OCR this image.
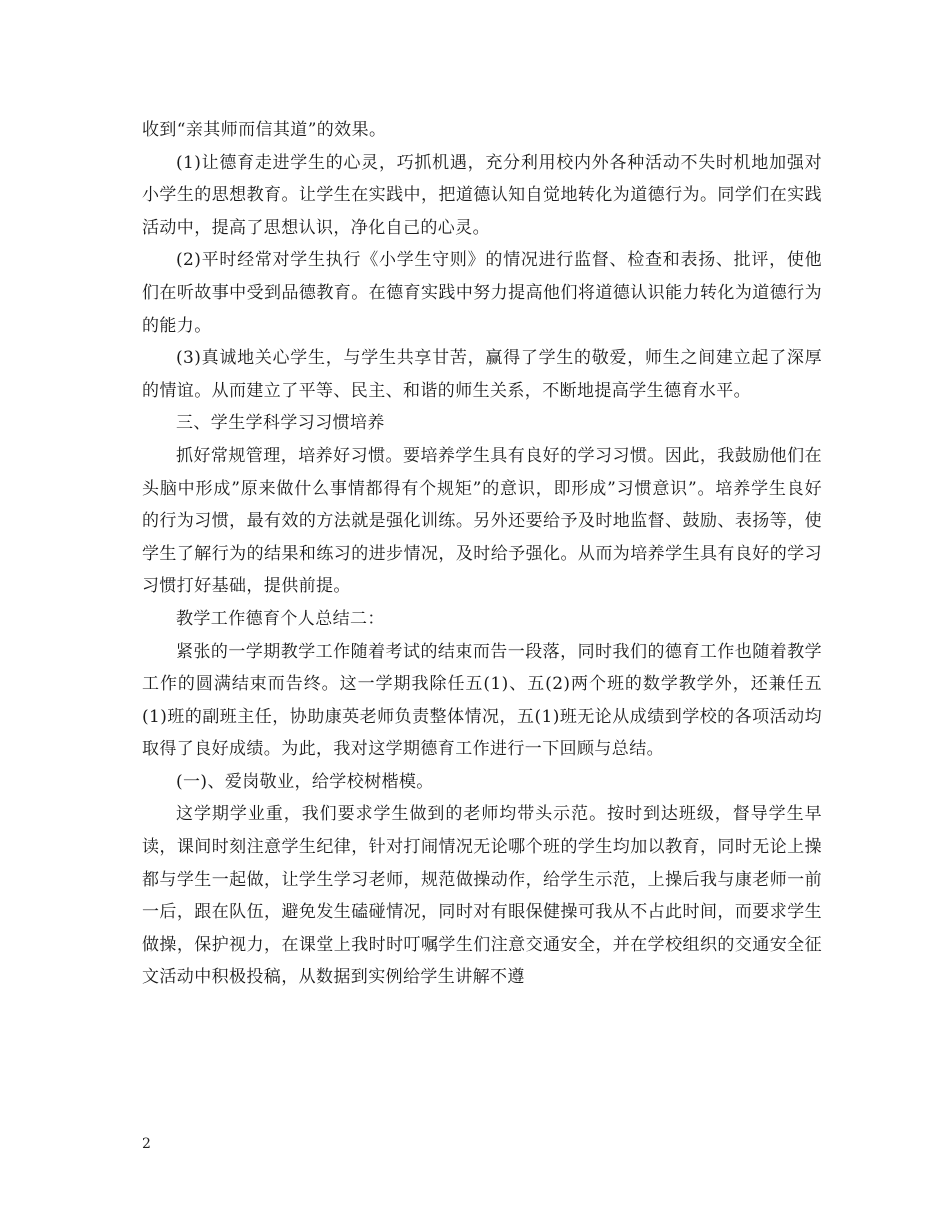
收到“亲其师而信其道”的效果。

(1)让德育走进学生的心灵，巧抓机遇，充分利用校内外各种活动不失时机地加强对小学生的思想教育。让学生在实践中，把道德认知自觉地转化为道德行为。同学们在实践活动中，提高了思想认识，净化自己的心灵。

(2)平时经常对学生执行《小学生守则》的情况进行监督、检查和表扬、批评，使他们在听故事中受到品德教育。在德育实践中努力提高他们将道德认识能力转化为道德行为的能力。

(3)真诚地关心学生，与学生共享甘苦，赢得了学生的敬爱，师生之间建立起了深厚的情谊。从而建立了平等、民主、和谐的师生关系，不断地提高学生德育水平。

三、学生学科学习习惯培养

抓好常规管理，培养好习惯。要培养学生具有良好的学习习惯。因此，我鼓励他们在头脑中形成”原来做什么事情都得有个规矩”的意识，即形成”习惯意识”。培养学生良好的行为习惯，最有效的方法就是强化训练。另外还要给予及时地监督、鼓励、表扬等，使学生了解行为的结果和练习的进步情况，及时给予强化。从而为培养学生具有良好的学习习惯打好基础，提供前提。

教学工作德育个人总结二：

紧张的一学期教学工作随着考试的结束而告一段落，同时我们的德育工作也随着教学工作的圆满结束而告终。这一学期我除任五(1)、五(2)两个班的数学教学外，还兼任五(1)班的副班主任，协助康英老师负责整体情况，五(1)班无论从成绩到学校的各项活动均取得了良好成绩。为此，我对这学期德育工作进行一下回顾与总结。

(一)、爱岗敬业，给学校树楷模。

这学期学业重，我们要求学生做到的老师均带头示范。按时到达班级，督导学生早读，课间时刻注意学生纪律，针对打闹情况无论哪个班的学生均加以教育，同时无论上操都与学生一起做，让学生学习老师，规范做操动作，给学生示范，上操后我与康老师一前一后，跟在队伍，避免发生磕碰情况，同时对有眼保健操可我从不占此时间，而要求学生做操，保护视力，在课堂上我时时叮嘱学生们注意交通安全，并在学校组织的交通安全征文活动中积极投稿，从数据到实例给学生讲解不遵

2
